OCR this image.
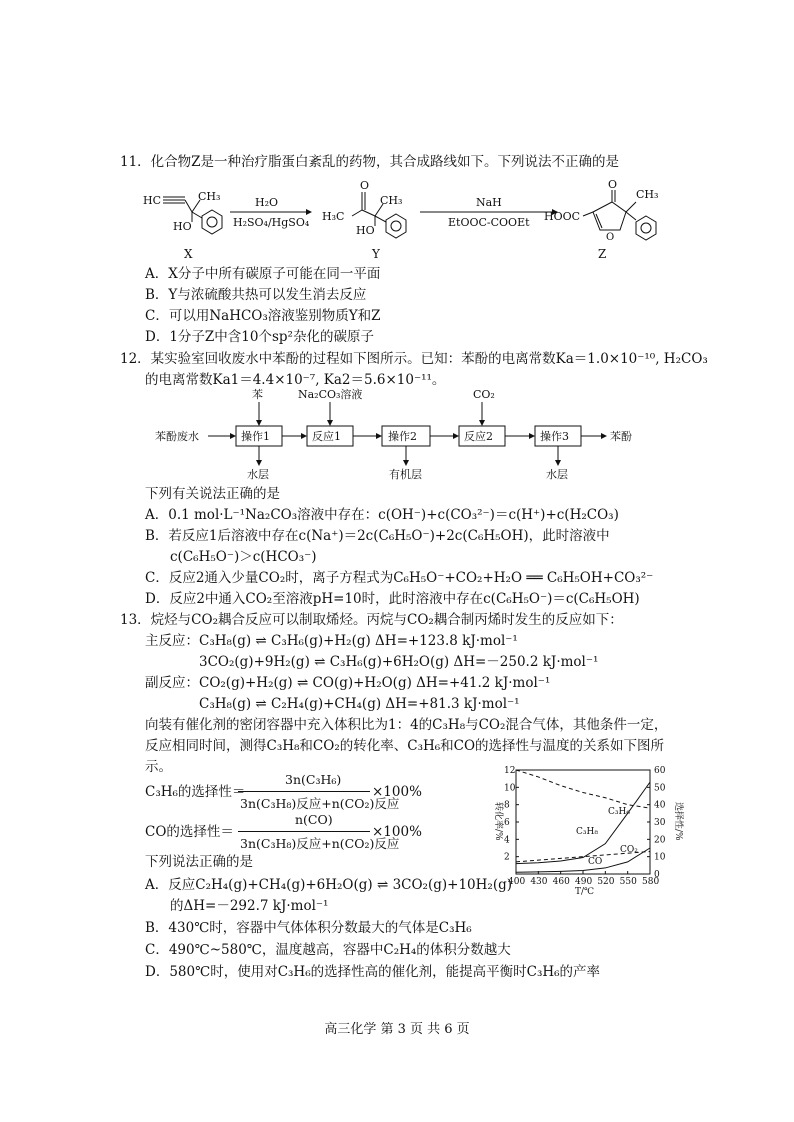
11．化合物Z是一种治疗脂蛋白紊乱的药物，其合成路线如下。下列说法不正确的是
HC	CH₃
HO
X
H₂O
H₂SO₄/HgSO₄
O
H₃C
CH₃
HO
Y
NaH
EtOOC-COOEt
O
O
HOOC
CH₃
Z
A．X分子中所有碳原子可能在同一平面
B．Y与浓硫酸共热可以发生消去反应
C．可以用NaHCO₃溶液鉴别物质Y和Z
D．1分子Z中含10个sp²杂化的碳原子
12．某实验室回收废水中苯酚的过程如下图所示。已知：苯酚的电离常数Ka＝1.0×10⁻¹⁰, H₂CO₃
的电离常数Ka1＝4.4×10⁻⁷, Ka2＝5.6×10⁻¹¹。
苯酚废水	操作1	反应1	操作2	反应2	操作3	苯酚
苯	Na₂CO₃溶液	CO₂
水层	有机层	水层
下列有关说法正确的是
A．0.1 mol·L⁻¹Na₂CO₃溶液中存在：c(OH⁻)+c(CO₃²⁻)＝c(H⁺)+c(H₂CO₃)
B．若反应1后溶液中存在c(Na⁺)＝2c(C₆H₅O⁻)+2c(C₆H₅OH)，此时溶液中
c(C₆H₅O⁻)＞c(HCO₃⁻)
C．反应2通入少量CO₂时，离子方程式为C₆H₅O⁻+CO₂+H₂O ══ C₆H₅OH+CO₃²⁻
D．反应2中通入CO₂至溶液pH=10时，此时溶液中存在c(C₆H₅O⁻)＝c(C₆H₅OH)
13．烷烃与CO₂耦合反应可以制取烯烃。丙烷与CO₂耦合制丙烯时发生的反应如下：
主反应： C₃H₈(g) ⇌ C₃H₆(g)+H₂(g) ΔH=+123.8 kJ·mol⁻¹
3CO₂(g)+9H₂(g) ⇌ C₃H₆(g)+6H₂O(g) ΔH=－250.2 kJ·mol⁻¹
副反应： CO₂(g)+H₂(g) ⇌ CO(g)+H₂O(g) ΔH=+41.2 kJ·mol⁻¹
C₃H₈(g) ⇌ C₂H₄(g)+CH₄(g) ΔH=+81.3 kJ·mol⁻¹
向装有催化剂的密闭容器中充入体积比为1：4的C₃H₈与CO₂混合气体，其他条件一定，
反应相同时间，测得C₃H₈和CO₂的转化率、C₃H₆和CO的选择性与温度的关系如下图所
示。
C₃H₆的选择性＝
3n(C₃H₆)
3n(C₃H₈)反应+n(CO₂)反应
×100%
CO的选择性＝
n(CO)
3n(C₃H₈)反应+n(CO₂)反应
×100%
下列说法正确的是
A．反应C₂H₄(g)+CH₄(g)+6H₂O(g) ⇌ 3CO₂(g)+10H₂(g)
的ΔH=－292.7 kJ·mol⁻¹
B．430℃时，容器中气体体积分数最大的气体是C₃H₆
C．490℃~580℃，温度越高，容器中C₂H₄的体积分数越大
D．580℃时，使用对C₃H₆的选择性高的催化剂，能提高平衡时C₃H₆的产率
400 430 460 490 520 550 580
2
4
6
8
10
12
0
10
20
30
40
50
60
T/℃
转化率/%	选择性/%
C₃H₆
C₃H₈
CO₂
CO
高三化学 第 3 页 共 6 页
